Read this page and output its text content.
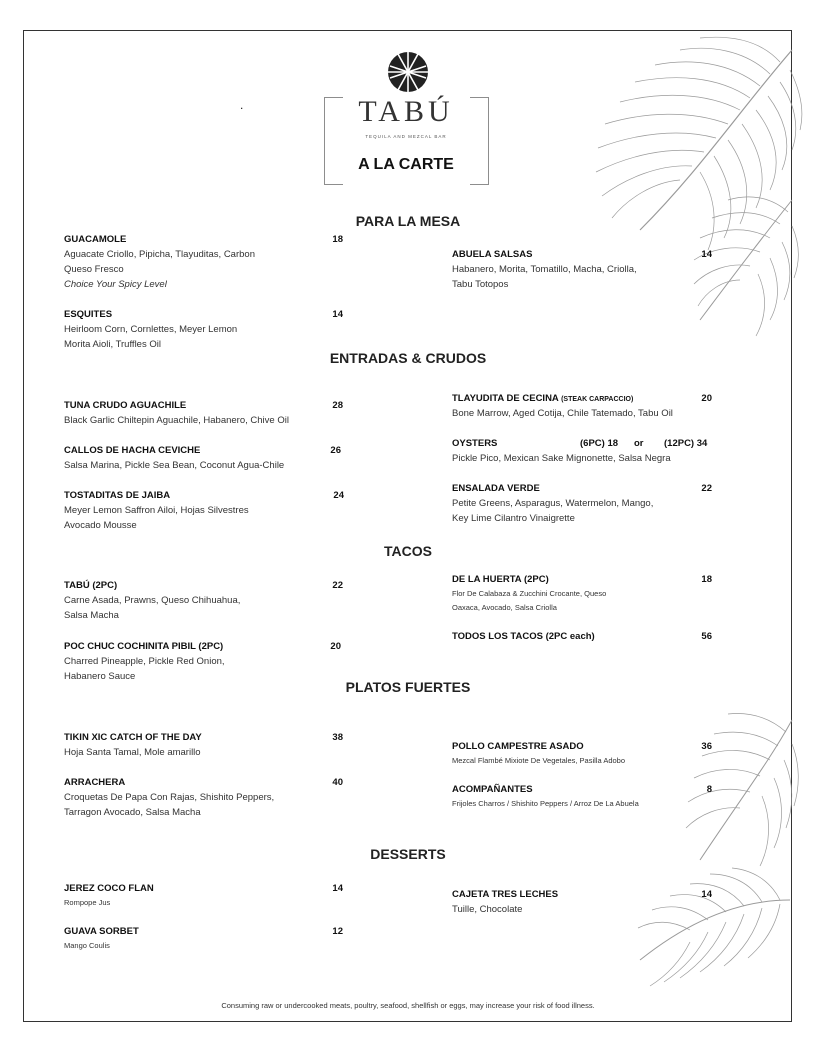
.	TABÚ
TEQUILA AND MEZCAL BAR
A LA CARTE
PARA LA MESA
GUACAMOLE	18
Aguacate Criollo, Pipicha, Tlayuditas, Carbon
Queso Fresco
Choice Your Spicy Level
ESQUITES	14
Heirloom Corn, Cornlettes, Meyer Lemon
Morita Aioli, Truffles Oil
ABUELA SALSAS	14
Habanero, Morita, Tomatillo, Macha, Criolla,
Tabu Totopos
ENTRADAS & CRUDOS
TUNA CRUDO AGUACHILE	28
Black Garlic Chiltepin Aguachile, Habanero, Chive Oil
CALLOS DE HACHA CEVICHE	26
Salsa Marina, Pickle Sea Bean, Coconut Agua-Chile
TOSTADITAS DE JAIBA	24
Meyer Lemon Saffron Ailoi, Hojas Silvestres
Avocado Mousse
TLAYUDITA DE CECINA (STEAK CARPACCIO)	20
Bone Marrow, Aged Cotija, Chile Tatemado, Tabu Oil
OYSTERS	(6PC) 18 or (12PC) 34
Pickle Pico, Mexican Sake Mignonette, Salsa Negra
ENSALADA VERDE	22
Petite Greens, Asparagus, Watermelon, Mango,
Key Lime Cilantro Vinaigrette
TACOS
TABÚ (2PC)	22
Carne Asada, Prawns, Queso Chihuahua,
Salsa Macha
POC CHUC COCHINITA PIBIL (2PC)	20
Charred Pineapple, Pickle Red Onion,
Habanero Sauce
DE LA HUERTA (2PC)	18
Flor De Calabaza & Zucchini Crocante, Queso
Oaxaca, Avocado, Salsa Criolla
TODOS LOS TACOS (2PC each)	56
PLATOS FUERTES
TIKIN XIC CATCH OF THE DAY	38
Hoja Santa Tamal, Mole amarillo
ARRACHERA	40
Croquetas De Papa Con Rajas, Shishito Peppers,
Tarragon Avocado, Salsa Macha
POLLO CAMPESTRE ASADO	36
Mezcal Flambé Mixiote De Vegetales, Pasilla Adobo
ACOMPAÑANTES	8
Frijoles Charros / Shishito Peppers / Arroz De La Abuela
DESSERTS
JEREZ COCO FLAN	14
Rompope Jus
GUAVA SORBET	12
Mango Coulis
CAJETA TRES LECHES	14
Tuille, Chocolate
Consuming raw or undercooked meats, poultry, seafood, shellfish or eggs, may increase your risk of food illness.
